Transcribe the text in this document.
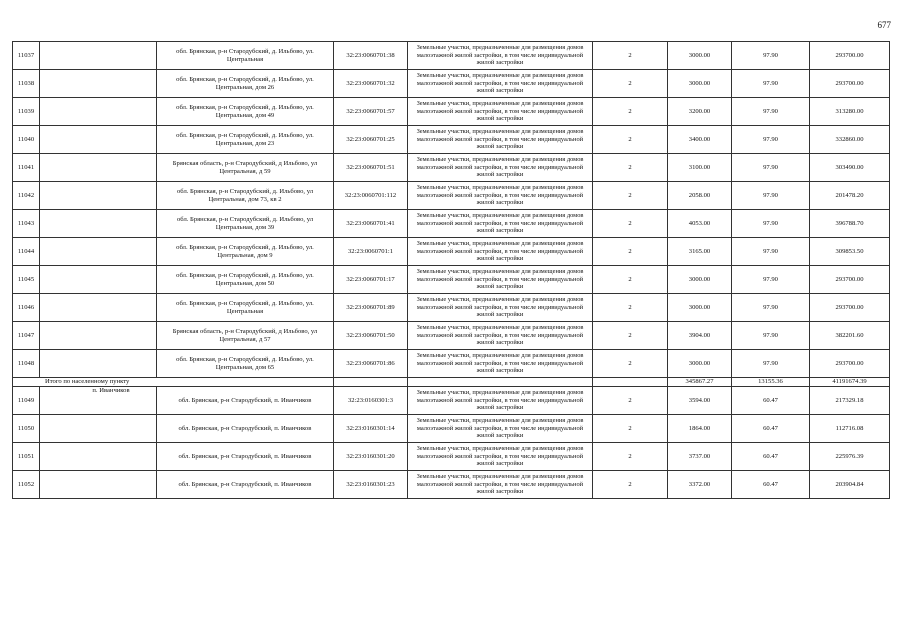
677
11037		обл. Брянская, р-н Стародубский, д. Ильбово, ул. Центральная	32:23:0060701:38	Земельные участки, предназначенные для размещения домов малоэтажной жилой застройки, в том числе индивидуальной жилой застройки	2	3000.00	97.90	293700.00
11038		обл. Брянская, р-н Стародубский, д. Ильбово, ул. Центральная, дом 26	32:23:0060701:32	Земельные участки, предназначенные для размещения домов малоэтажной жилой застройки, в том числе индивидуальной жилой застройки	2	3000.00	97.90	293700.00
11039		обл. Брянская, р-н Стародубский, д. Ильбово, ул. Центральная, дом 49	32:23:0060701:57	Земельные участки, предназначенные для размещения домов малоэтажной жилой застройки, в том числе индивидуальной жилой застройки	2	3200.00	97.90	313280.00
11040		обл. Брянская, р-н Стародубский, д. Ильбово, ул. Центральная, дом 23	32:23:0060701:25	Земельные участки, предназначенные для размещения домов малоэтажной жилой застройки, в том числе индивидуальной жилой застройки	2	3400.00	97.90	332860.00
11041		Брянская область, р-н Стародубский, д Ильбово, ул Центральная, д 59	32:23:0060701:51	Земельные участки, предназначенные для размещения домов малоэтажной жилой застройки, в том числе индивидуальной жилой застройки	2	3100.00	97.90	303490.00
11042		обл. Брянская, р-н Стародубский, д. Ильбово, ул Центральная, дом 73, кв 2	32:23:0060701:112	Земельные участки, предназначенные для размещения домов малоэтажной жилой застройки, в том числе индивидуальной жилой застройки	2	2058.00	97.90	201478.20
11043		обл. Брянская, р-н Стародубский, д. Ильбово, ул Центральная, дом 39	32:23:0060701:41	Земельные участки, предназначенные для размещения домов малоэтажной жилой застройки, в том числе индивидуальной жилой застройки	2	4053.00	97.90	396788.70
11044		обл. Брянская, р-н Стародубский, д. Ильбово, ул. Центральная, дом 9	32:23:0060701:1	Земельные участки, предназначенные для размещения домов малоэтажной жилой застройки, в том числе индивидуальной жилой застройки	2	3165.00	97.90	309853.50
11045		обл. Брянская, р-н Стародубский, д. Ильбово, ул. Центральная, дом 50	32:23:0060701:17	Земельные участки, предназначенные для размещения домов малоэтажной жилой застройки, в том числе индивидуальной жилой застройки	2	3000.00	97.90	293700.00
11046		обл. Брянская, р-н Стародубский, д. Ильбово, ул. Центральная	32:23:0060701:89	Земельные участки, предназначенные для размещения домов малоэтажной жилой застройки, в том числе индивидуальной жилой застройки	2	3000.00	97.90	293700.00
11047		Брянская область, р-н Стародубский, д Ильбово, ул Центральная, д 57	32:23:0060701:50	Земельные участки, предназначенные для размещения домов малоэтажной жилой застройки, в том числе индивидуальной жилой застройки	2	3904.00	97.90	382201.60
11048		обл. Брянская, р-н Стародубский, д. Ильбово, ул. Центральная, дом 65	32:23:0060701:86	Земельные участки, предназначенные для размещения домов малоэтажной жилой застройки, в том числе индивидуальной жилой застройки	2	3000.00	97.90	293700.00
Итого по населенному пункту						345867.27	13155.36	41191674.39
11049	п. Иванчиков	обл. Брянская, р-н Стародубский, п. Иванчиков	32:23:0160301:3	Земельные участки, предназначенные для размещения домов малоэтажной жилой застройки, в том числе индивидуальной жилой застройки	2	3594.00	60.47	217329.18
11050		обл. Брянская, р-н Стародубский, п. Иванчиков	32:23:0160301:14	Земельные участки, предназначенные для размещения домов малоэтажной жилой застройки, в том числе индивидуальной жилой застройки	2	1864.00	60.47	112716.08
11051		обл. Брянская, р-н Стародубский, п. Иванчиков	32:23:0160301:20	Земельные участки, предназначенные для размещения домов малоэтажной жилой застройки, в том числе индивидуальной жилой застройки	2	3737.00	60.47	225976.39
11052		обл. Брянская, р-н Стародубский, п. Иванчиков	32:23:0160301:23	Земельные участки, предназначенные для размещения домов малоэтажной жилой застройки, в том числе индивидуальной жилой застройки	2	3372.00	60.47	203904.84
